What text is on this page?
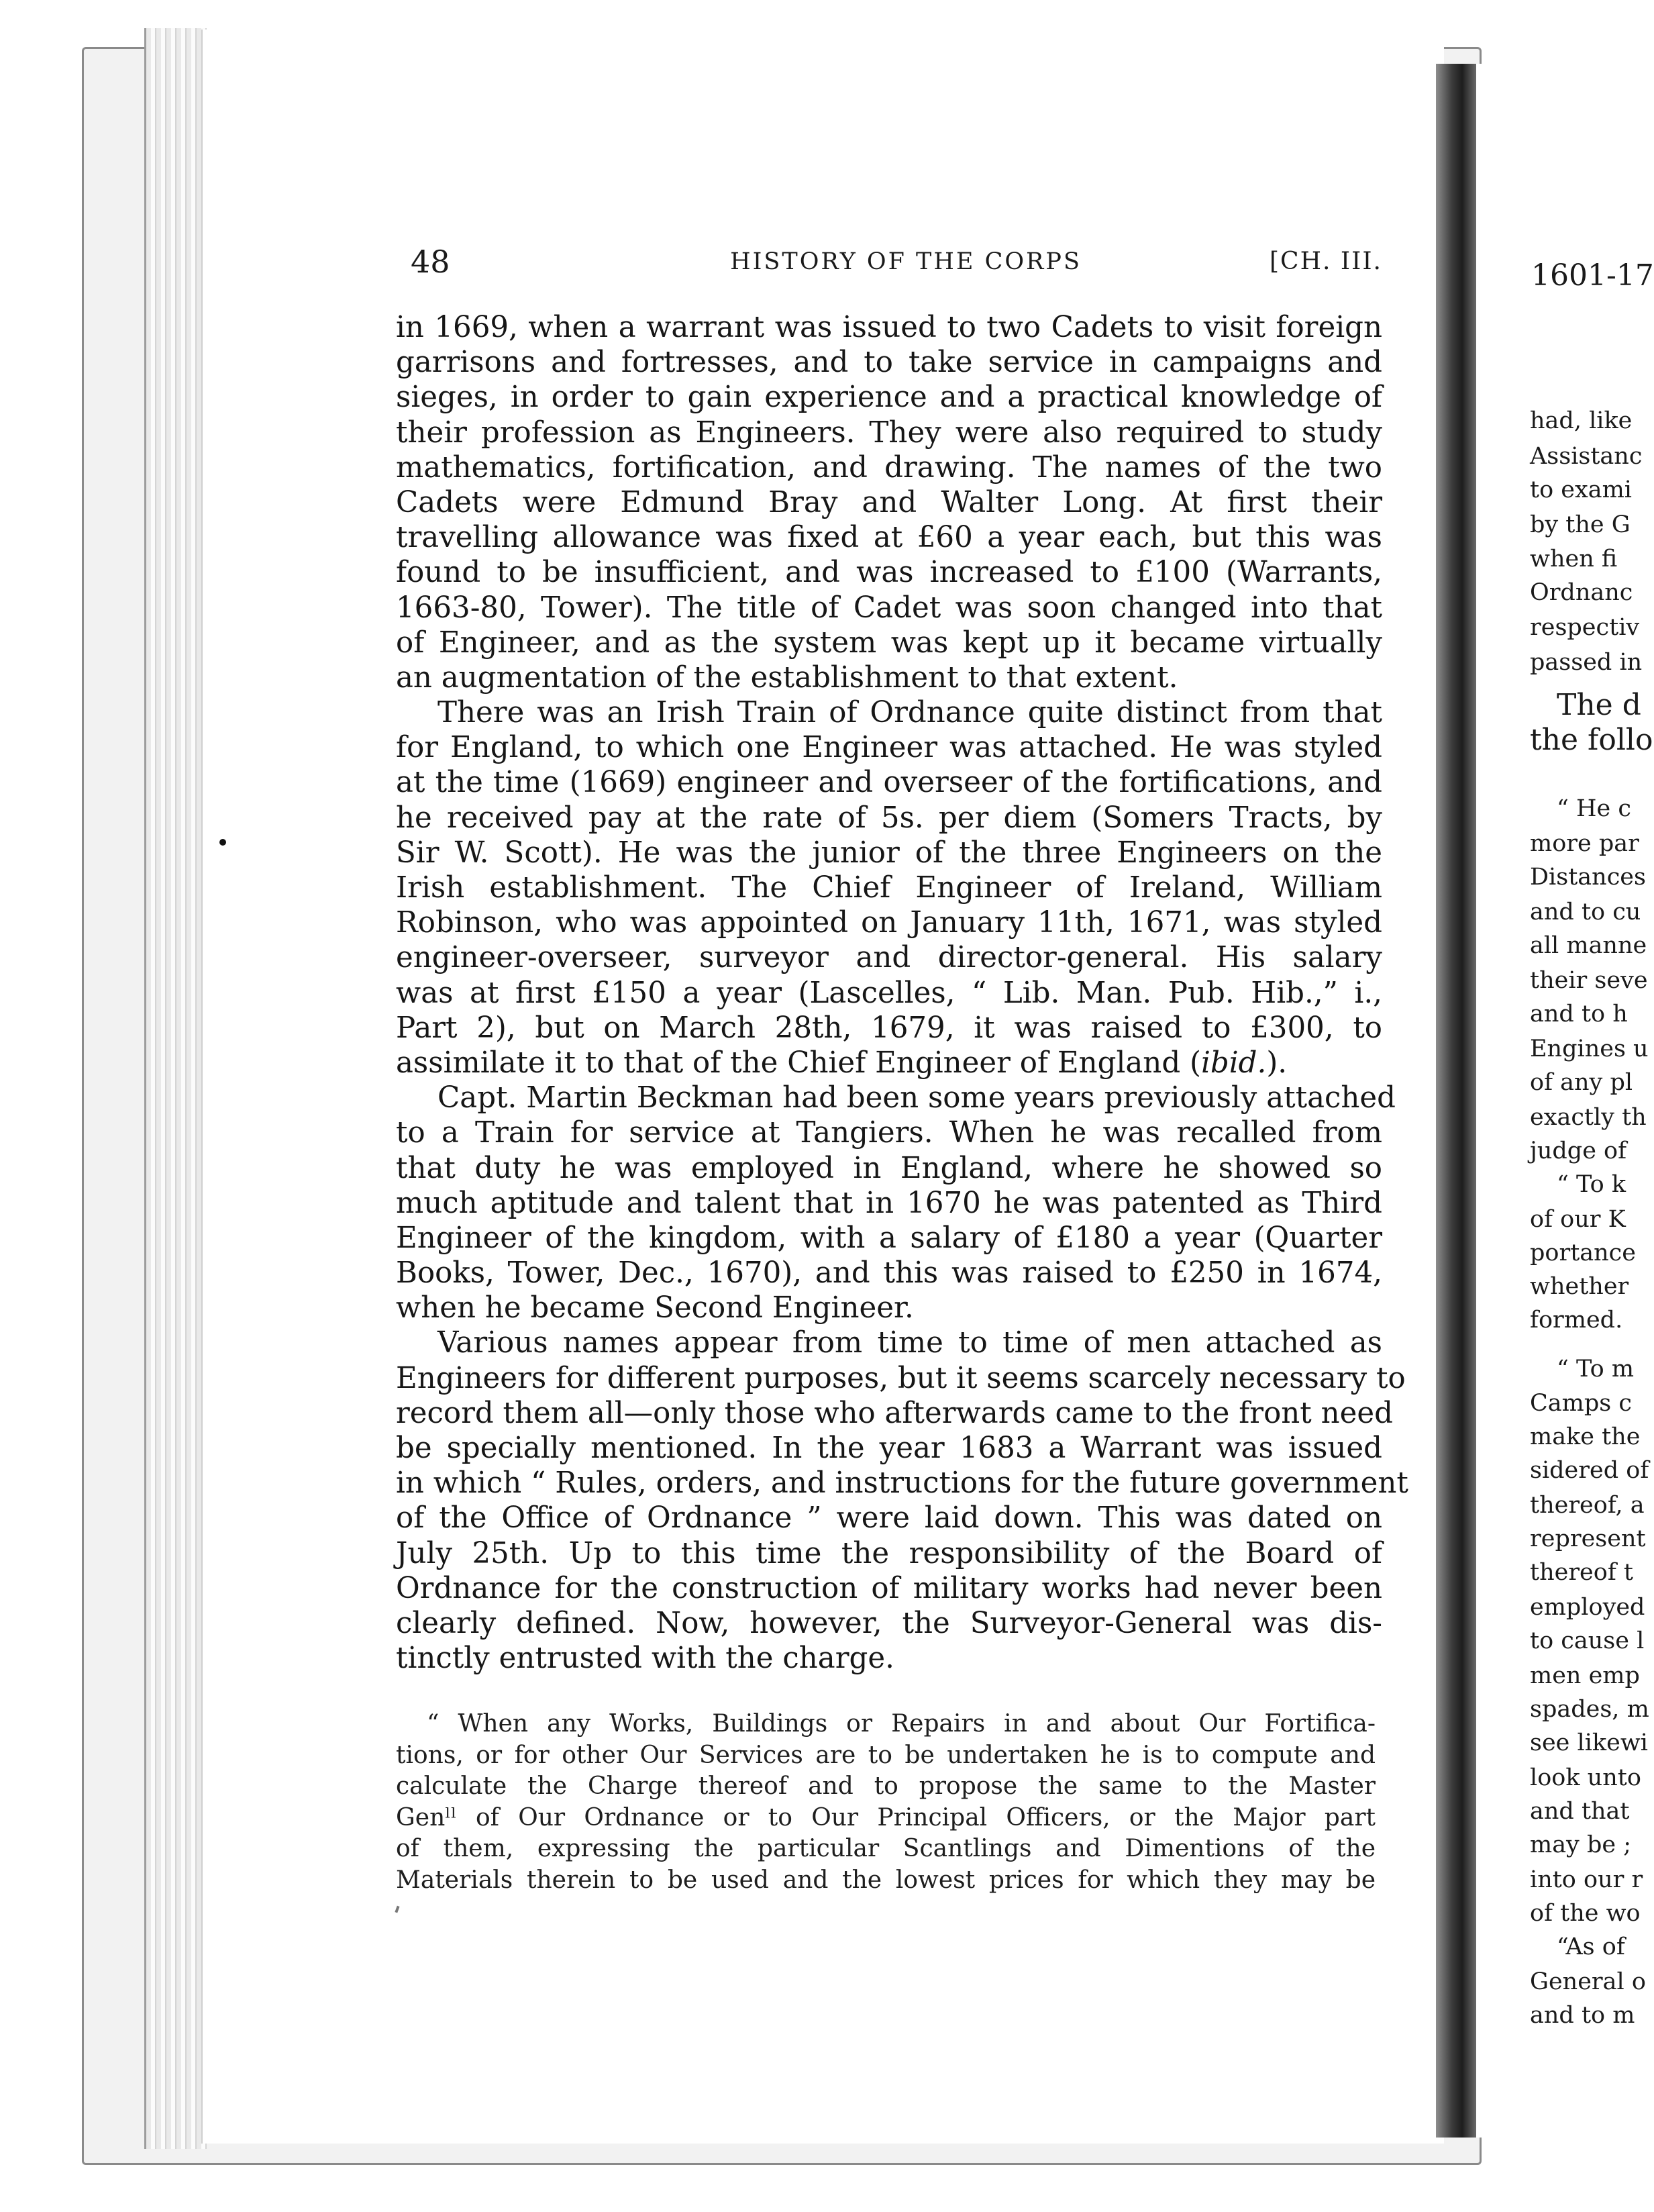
48	HISTORY OF THE CORPS	[CH. III.
in 1669, when a warrant was issued to two Cadets to visit foreign
garrisons and fortresses, and to take service in campaigns and
sieges, in order to gain experience and a practical knowledge of
their profession as Engineers. They were also required to study
mathematics, fortification, and drawing. The names of the two
Cadets were Edmund Bray and Walter Long. At first their
travelling allowance was fixed at £60 a year each, but this was
found to be insufficient, and was increased to £100 (Warrants,
1663-80, Tower). The title of Cadet was soon changed into that
of Engineer, and as the system was kept up it became virtually
an augmentation of the establishment to that extent.
There was an Irish Train of Ordnance quite distinct from that
for England, to which one Engineer was attached. He was styled
at the time (1669) engineer and overseer of the fortifications, and
he received pay at the rate of 5s. per diem (Somers Tracts, by
Sir W. Scott). He was the junior of the three Engineers on the
Irish establishment. The Chief Engineer of Ireland, William
Robinson, who was appointed on January 11th, 1671, was styled
engineer-overseer, surveyor and director-general. His salary
was at first £150 a year (Lascelles, “ Lib. Man. Pub. Hib.,” i.,
Part 2), but on March 28th, 1679, it was raised to £300, to
assimilate it to that of the Chief Engineer of England (ibid.).
Capt. Martin Beckman had been some years previously attached
to a Train for service at Tangiers. When he was recalled from
that duty he was employed in England, where he showed so
much aptitude and talent that in 1670 he was patented as Third
Engineer of the kingdom, with a salary of £180 a year (Quarter
Books, Tower, Dec., 1670), and this was raised to £250 in 1674,
when he became Second Engineer.
Various names appear from time to time of men attached as
Engineers for different purposes, but it seems scarcely necessary to
record them all—only those who afterwards came to the front need
be specially mentioned. In the year 1683 a Warrant was issued
in which “ Rules, orders, and instructions for the future government
of the Office of Ordnance ” were laid down. This was dated on
July 25th. Up to this time the responsibility of the Board of
Ordnance for the construction of military works had never been
clearly defined. Now, however, the Surveyor-General was dis-
tinctly entrusted with the charge.
“ When any Works, Buildings or Repairs in and about Our Fortifica-
tions, or for other Our Services are to be undertaken he is to compute and
calculate the Charge thereof and to propose the same to the Master
Genˡˡ of Our Ordnance or to Our Principal Officers, or the Major part
of them, expressing the particular Scantlings and Dimentions of the
Materials therein to be used and the lowest prices for which they may be
1601-17
had, like
Assistanc
to exami
by the G
when fi
Ordnanc
respectiv
passed in
The d
the follo
“ He c
more par
Distances
and to cu
all manne
their seve
and to h
Engines u
of any pl
exactly th
judge of
“ To k
of our K
portance
whether
formed.
“ To m
Camps c
make the
sidered of
thereof, a
represent
thereof t
employed
to cause l
men emp
spades, m
see likewi
look unto
and that
may be ;
into our r
of the wo
“As of
General o
and to m
